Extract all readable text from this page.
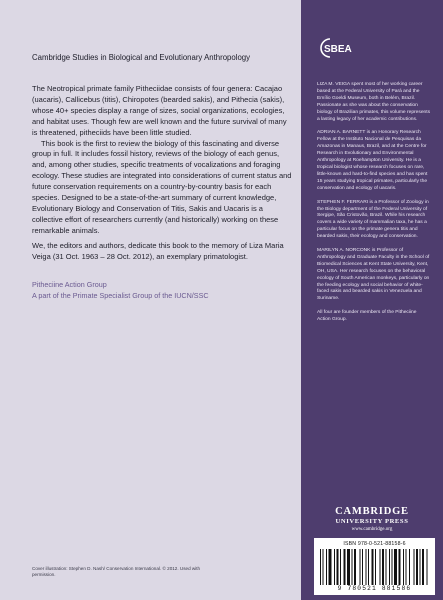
Cambridge Studies in Biological and Evolutionary Anthropology

The Neotropical primate family Pitheciidae consists of four genera: Cacajao (uacaris), Callicebus (titis), Chiropotes (bearded sakis), and Pithecia (sakis), whose 40+ species display a range of sizes, social organizations, ecologies, and habitat uses. Though few are well known and the future survival of many is threatened, pitheciids have been little studied.

This book is the first to review the biology of this fascinating and diverse group in full. It includes fossil history, reviews of the biology of each genus, and, among other studies, specific treatments of vocalizations and foraging ecology. These studies are integrated into considerations of current status and future conservation requirements on a country-by-country basis for each species. Designed to be a state-of-the-art summary of current knowledge, Evolutionary Biology and Conservation of Titis, Sakis and Uacaris is a collective effort of researchers currently (and historically) working on these remarkable animals.

We, the editors and authors, dedicate this book to the memory of Liza Maria Veiga (31 Oct. 1963 – 28 Oct. 2012), an exemplary primatologist.
Pitheciine Action Group
A part of the Primate Specialist Group of the IUCN/SSC
Cover illustration: Stephen D. Nash/ Conservation International. © 2012. Used with permission.
SBEA

LIZA M. VEIGA spent most of her working career based at the Federal University of Pará and the Emílio Goeldi Museum, both in Belém, Brazil. Passionate as she was about the conservation biology of Brazilian primates, this volume represents a lasting legacy of her academic contributions.

ADRIAN A. BARNETT is an Honorary Research Fellow at the Instituto Nacional de Pesquisas da Amazonas in Manaus, Brazil, and at the Centre for Research in Evolutionary and Environmental Anthropology at Roehampton University. He is a tropical biologist whose research focuses on rare, little-known and hard-to-find species and has spent 15 years studying tropical primates, particularly the conservation and ecology of uacaris.

STEPHEN F. FERRARI is a Professor of Zoology in the Biology department of the Federal University of Sergipe, São Cristovão, Brazil. While his research covers a wide variety of mammalian taxa, he has a particular focus on the primate genera titis and bearded sakis, their ecology and conservation.

MARILYN A. NORCONK is Professor of Anthropology and Graduate Faculty in the School of Biomedical Sciences at Kent State University, Kent, OH, USA. Her research focuses on the behavioral ecology of South American monkeys, particularly on the feeding ecology and social behavior of white-faced sakis and bearded sakis in Venezuela and Suriname.

All four are founder members of the Pitheciine Action Group.

CAMBRIDGE
UNIVERSITY PRESS
www.cambridge.org
ISBN 978-0-521-88158-6
9 780521 881586
